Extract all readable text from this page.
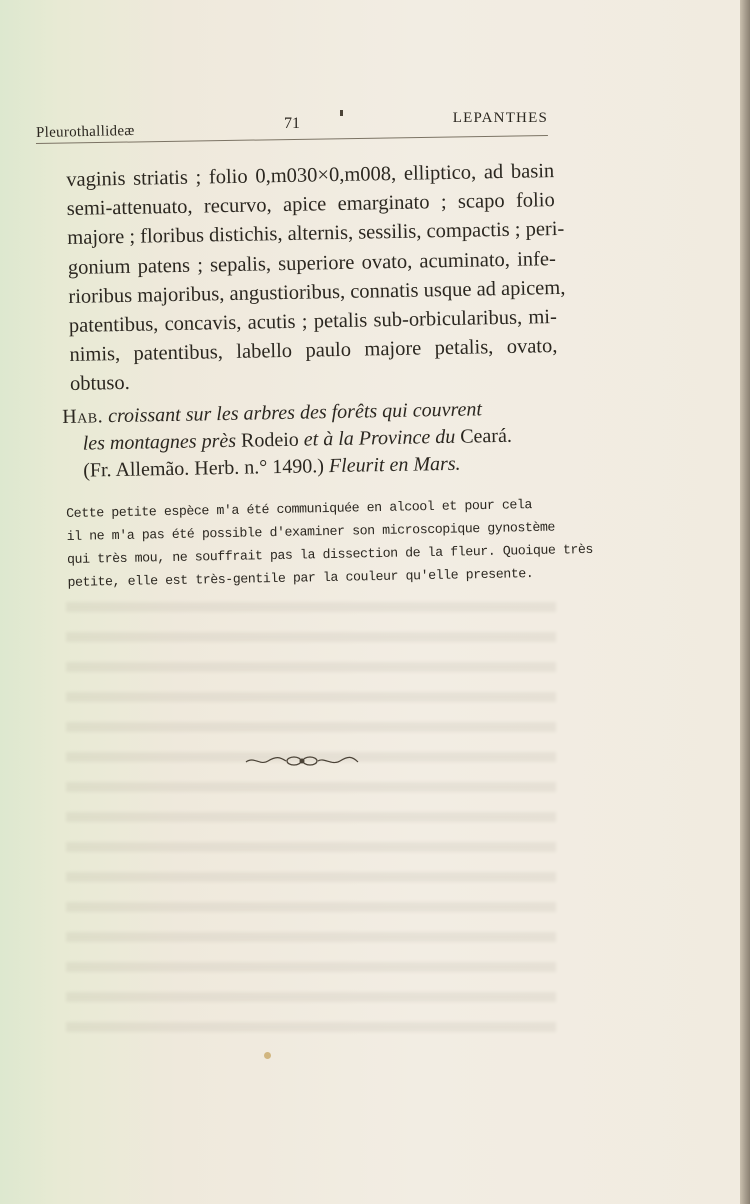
Pleurothallideæ	71	LEPANTHES
vaginis striatis ; folio 0,m030×0,m008, elliptico, ad basin
semi-attenuato, recurvo, apice emarginato ; scapo folio
majore ; floribus distichis, alternis, sessilis, compactis ; peri-
gonium patens ; sepalis, superiore ovato, acuminato, infe-
rioribus majoribus, angustioribus, connatis usque ad apicem,
patentibus, concavis, acutis ; petalis sub-orbicularibus, mi-
nimis, patentibus, labello paulo majore petalis, ovato,
obtuso.
Hab. croissant sur les arbres des forêts qui couvrent
les montagnes près Rodeio et à la Province du Ceará.
(Fr. Allemão. Herb. n.° 1490.) Fleurit en Mars.
Cette petite espèce m'a été communiquée en alcool et pour cela
il ne m'a pas été possible d'examiner son microscopique gynostème
qui très mou, ne souffrait pas la dissection de la fleur. Quoique très
petite, elle est très-gentile par la couleur qu'elle presente.
